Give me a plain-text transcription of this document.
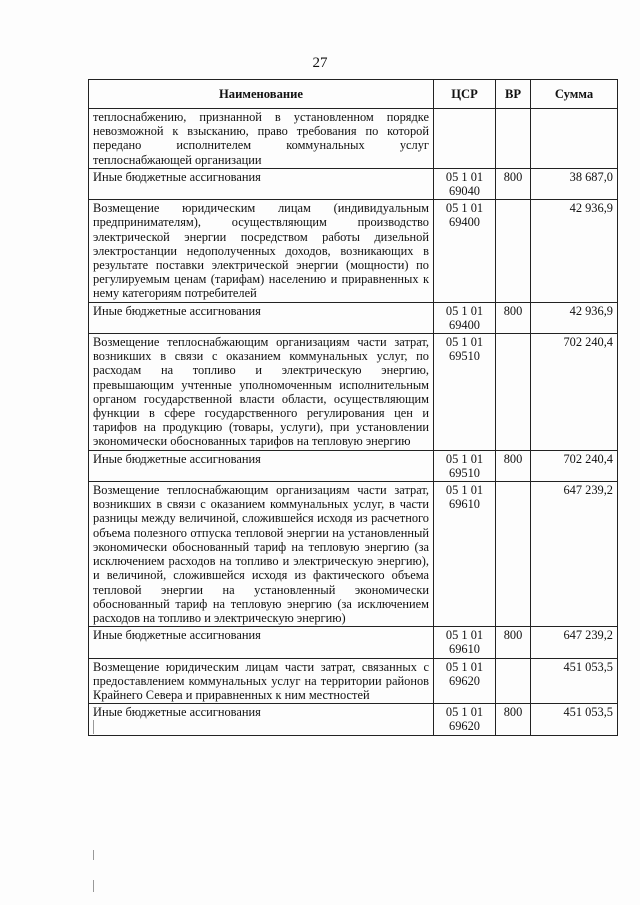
27
Наименование	ЦСР	ВР	Сумма
теплоснабжению, признанной в установленном порядке невозможной к взысканию, право требования по которой передано исполнителем коммунальных услуг теплоснабжающей организации			
Иные бюджетные ассигнования	05 1 01 69040	800	38 687,0
Возмещение юридическим лицам (индивидуальным предпринимателям), осуществляющим производство электрической энергии посредством работы дизельной электростанции недополученных доходов, возникающих в результате поставки электрической энергии (мощности) по регулируемым ценам (тарифам) населению и приравненных к нему категориям потребителей	05 1 01 69400		42 936,9
Иные бюджетные ассигнования	05 1 01 69400	800	42 936,9
Возмещение теплоснабжающим организациям части затрат, возникших в связи с оказанием коммунальных услуг, по расходам на топливо и электрическую энергию, превышающим учтенные уполномоченным исполнительным органом государственной власти области, осуществляющим функции в сфере государственного регулирования цен и тарифов на продукцию (товары, услуги), при установлении экономически обоснованных тарифов на тепловую энергию	05 1 01 69510		702 240,4
Иные бюджетные ассигнования	05 1 01 69510	800	702 240,4
Возмещение теплоснабжающим организациям части затрат, возникших в связи с оказанием коммунальных услуг, в части разницы между величиной, сложившейся исходя из расчетного объема полезного отпуска тепловой энергии на установленный экономически обоснованный тариф на тепловую энергию (за исключением расходов на топливо и электрическую энергию), и величиной, сложившейся исходя из фактического объема тепловой энергии на установленный экономически обоснованный тариф на тепловую энергию (за исключением расходов на топливо и электрическую энергию)	05 1 01 69610		647 239,2
Иные бюджетные ассигнования	05 1 01 69610	800	647 239,2
Возмещение юридическим лицам части затрат, связанных с предоставлением коммунальных услуг на территории районов Крайнего Севера и приравненных к ним местностей	05 1 01 69620		451 053,5
Иные бюджетные ассигнования	05 1 01 69620	800	451 053,5
